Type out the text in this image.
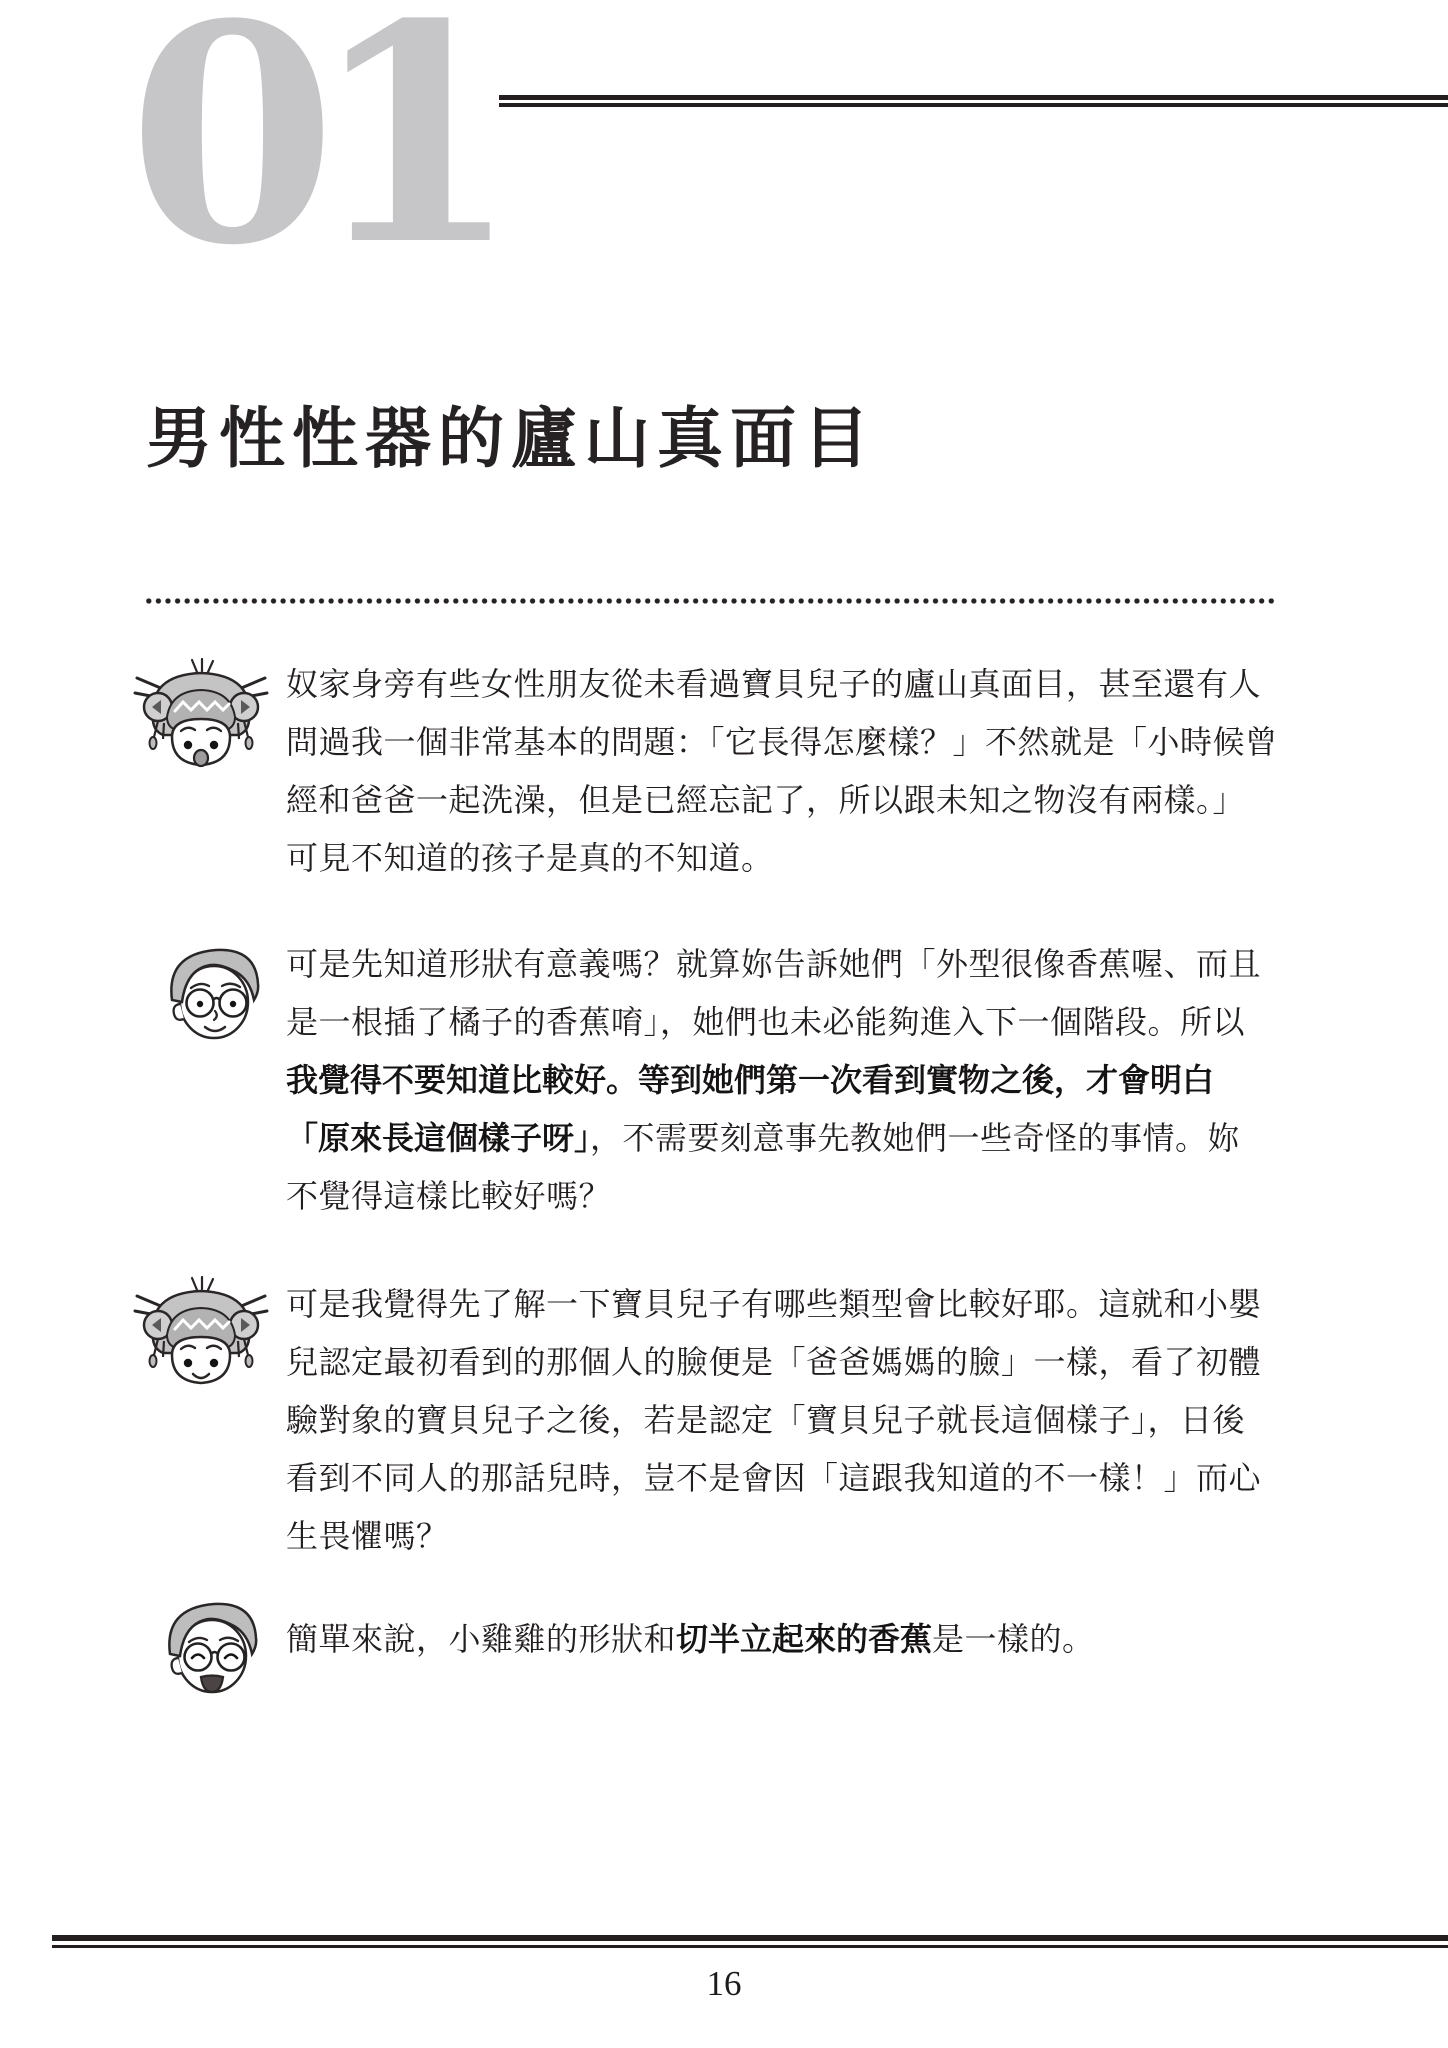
01
男性性器的廬山真面目
奴家身旁有些女性朋友從未看過寶貝兒子的廬山真面目，甚至還有人
問過我一個非常基本的問題：「它長得怎麼樣？」不然就是「小時候曾
經和爸爸一起洗澡，但是已經忘記了，所以跟未知之物沒有兩樣。」
可見不知道的孩子是真的不知道。
可是先知道形狀有意義嗎？就算妳告訴她們「外型很像香蕉喔、而且
是一根插了橘子的香蕉唷」，她們也未必能夠進入下一個階段。所以
我覺得不要知道比較好。等到她們第一次看到實物之後，才會明白
「原來長這個樣子呀」，不需要刻意事先教她們一些奇怪的事情。妳
不覺得這樣比較好嗎？
可是我覺得先了解一下寶貝兒子有哪些類型會比較好耶。這就和小嬰
兒認定最初看到的那個人的臉便是「爸爸媽媽的臉」一樣，看了初體
驗對象的寶貝兒子之後，若是認定「寶貝兒子就長這個樣子」，日後
看到不同人的那話兒時，豈不是會因「這跟我知道的不一樣！」而心
生畏懼嗎？
簡單來說，小雞雞的形狀和切半立起來的香蕉是一樣的。
16
